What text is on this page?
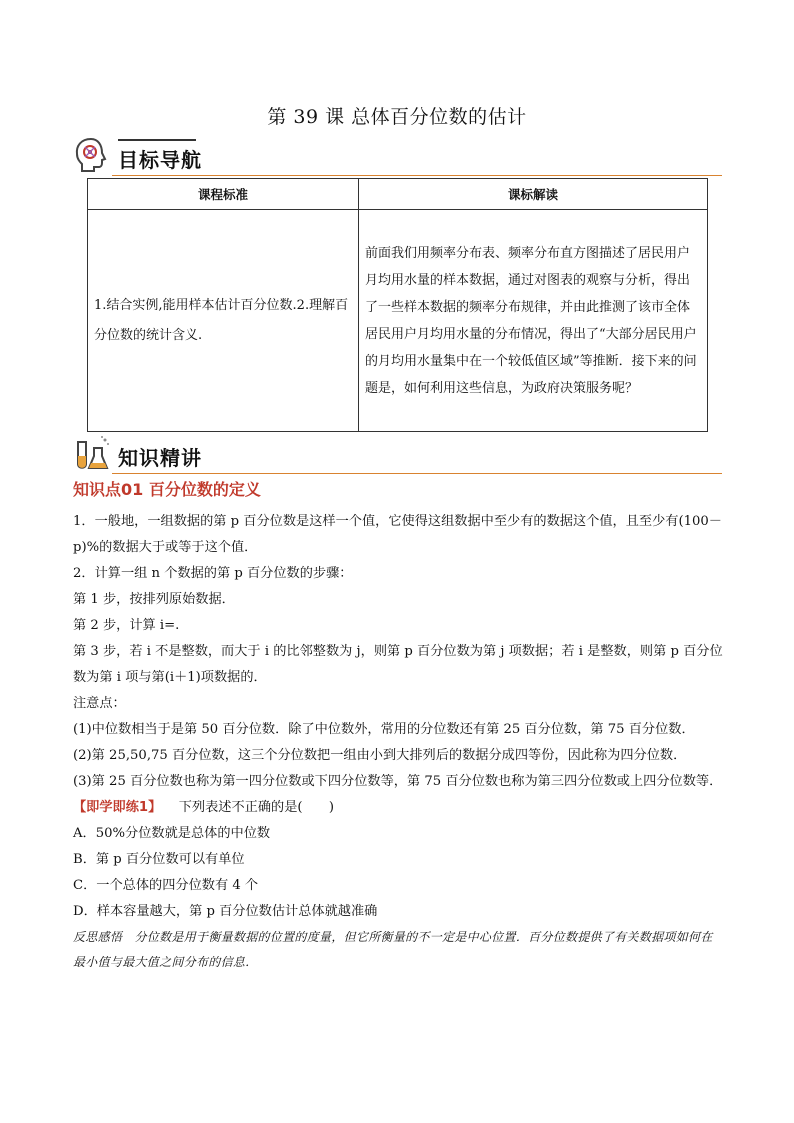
第 39 课 总体百分位数的估计
目标导航
课程标准	课标解读
1.结合实例,能用样本估计百分位数.2.理解百分位数的统计含义.	前面我们用频率分布表、频率分布直方图描述了居民用户月均用水量的样本数据，通过对图表的观察与分析，得出了一些样本数据的频率分布规律，并由此推测了该市全体居民用户月均用水量的分布情况，得出了“大部分居民用户的月均用水量集中在一个较低值区域”等推断．接下来的问题是，如何利用这些信息，为政府决策服务呢？
知识精讲
知识点01 百分位数的定义

1．一般地，一组数据的第 p 百分位数是这样一个值，它使得这组数据中至少有的数据这个值，且至少有(100－p)%的数据大于或等于这个值．

2．计算一组 n 个数据的第 p 百分位数的步骤：

第 1 步，按排列原始数据．

第 2 步，计算 i=.

第 3 步，若 i 不是整数，而大于 i 的比邻整数为 j，则第 p 百分位数为第 j 项数据；若 i 是整数，则第 p 百分位数为第 i 项与第(i＋1)项数据的．

注意点：

(1)中位数相当于是第 50 百分位数．除了中位数外，常用的分位数还有第 25 百分位数，第 75 百分位数．

(2)第 25,50,75 百分位数，这三个分位数把一组由小到大排列后的数据分成四等份，因此称为四分位数．

(3)第 25 百分位数也称为第一四分位数或下四分位数等，第 75 百分位数也称为第三四分位数或上四分位数等．

【即学即练1】   下列表述不正确的是(　　)

A．50%分位数就是总体的中位数

B．第 p 百分位数可以有单位

C．一个总体的四分位数有 4 个

D．样本容量越大，第 p 百分位数估计总体就越准确

反思感悟  分位数是用于衡量数据的位置的度量，但它所衡量的不一定是中心位置．百分位数提供了有关数据项如何在最小值与最大值之间分布的信息．
